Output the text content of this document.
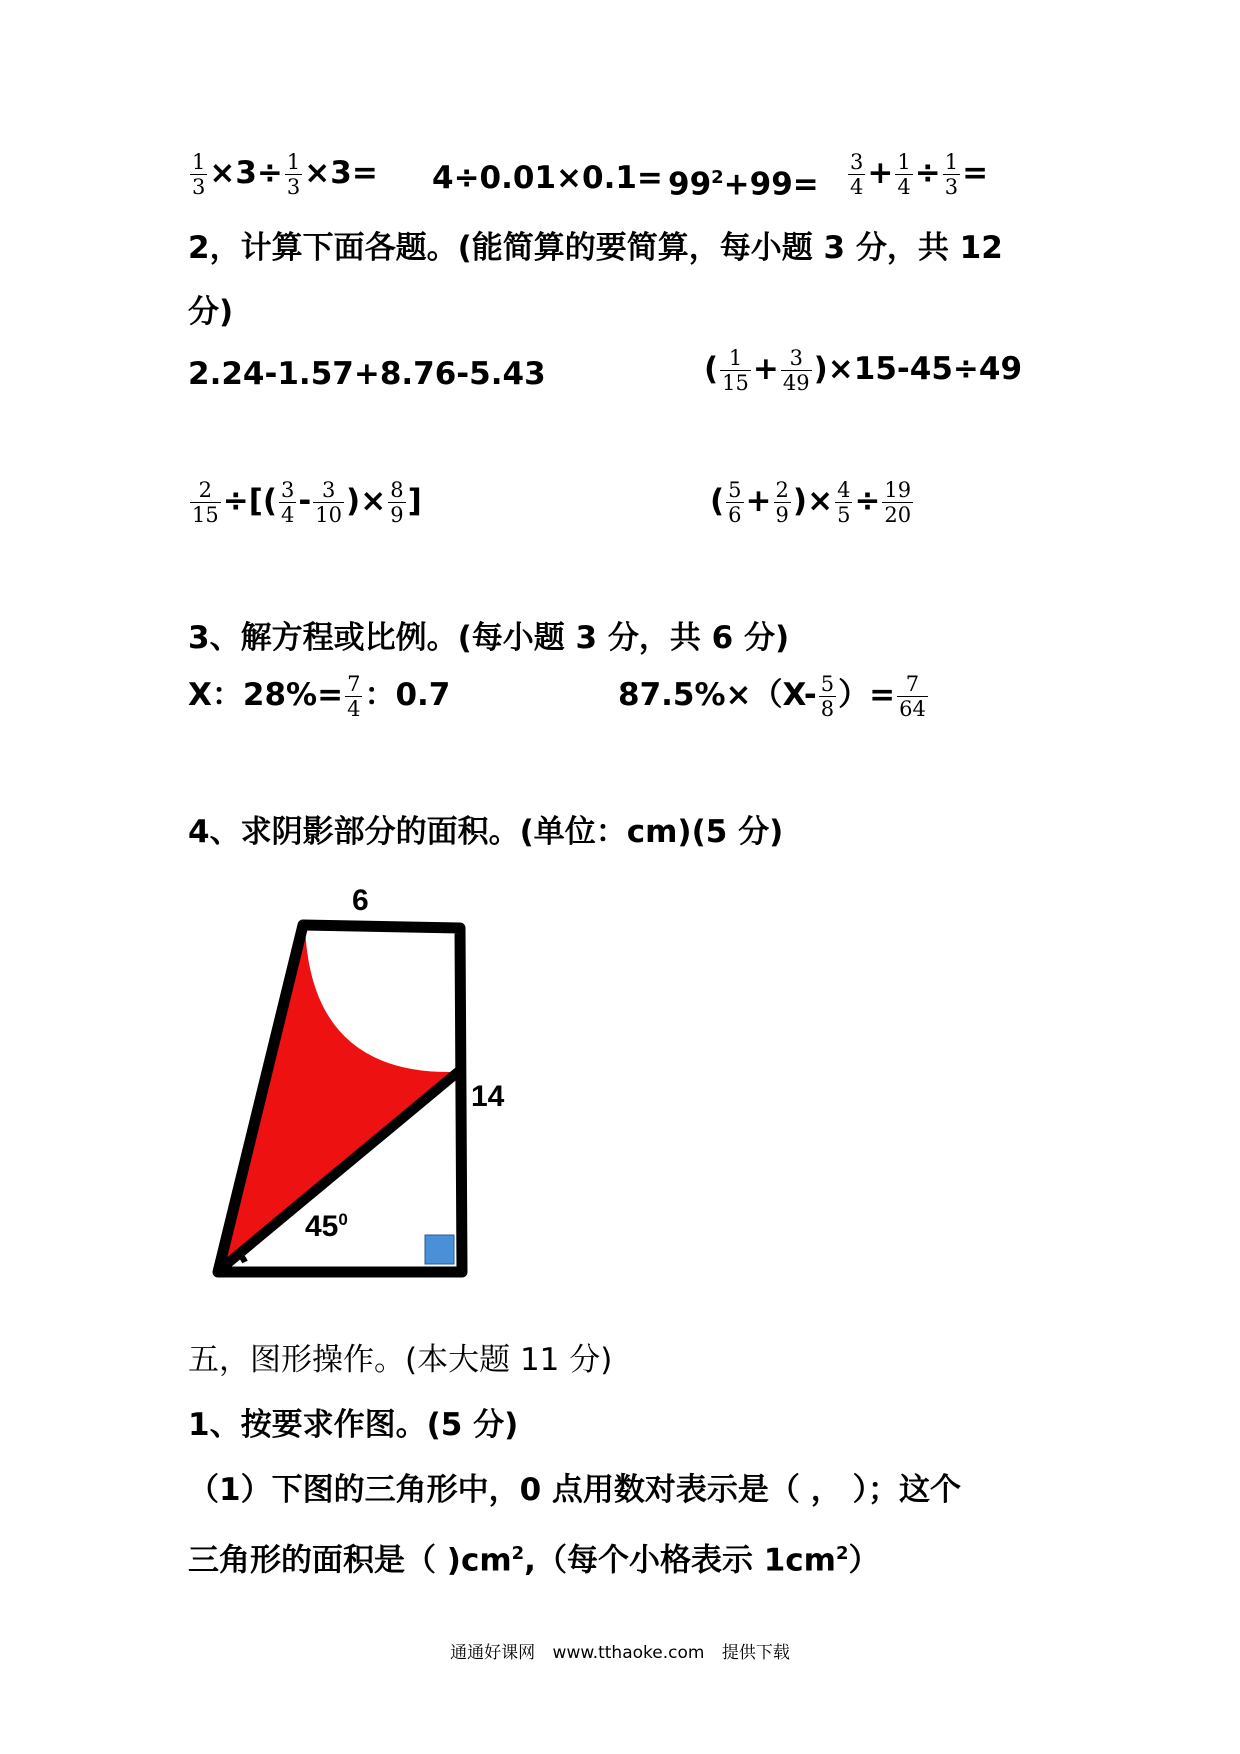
$\frac{1}{3} \times 3\div \frac{1}{3} \times 3= 4\div 0.01\times 0.1= 99^2+99= \frac{3}{4} + \frac{1}{4} \div \frac{1}{3}$ =
2，计算下面各题。(能简算的要简算，每小题 3 分，共 12
分)
2.24-1.57+8.76-5.43	( $\frac{1}{15} + \frac{3}{49} )\times 15-45\div 49$
$\frac{2}{15}$ ÷[( $\frac{3}{4} - \frac{3}{10}$ )× $\frac{8}{9}$ ]	( $\frac{5}{6} + \frac{2}{9}$ )× $\frac{4}{5} \div \frac{19}{20}$
3、解方程或比例。(每小题 3 分，共 6 分)
X：$28\%= \frac{7}{4}$ ：0.7	$87.5\%\times(X- \frac{5}{8}$ ）= $\frac{7}{64}$
4、求阴影部分的面积。(单位：cm)(5 分)
6
14
$45^0$
五，图形操作。(本大题 11 分)
1、按要求作图。(5 分)
（1）下图的三角形中，0 点用数对表示是（ ， ）；这个
三角形的面积是（ )$cm^2$,（每个小格表示 $1cm^2$）
通通好课网 www.tthaoke.com 提供下载
